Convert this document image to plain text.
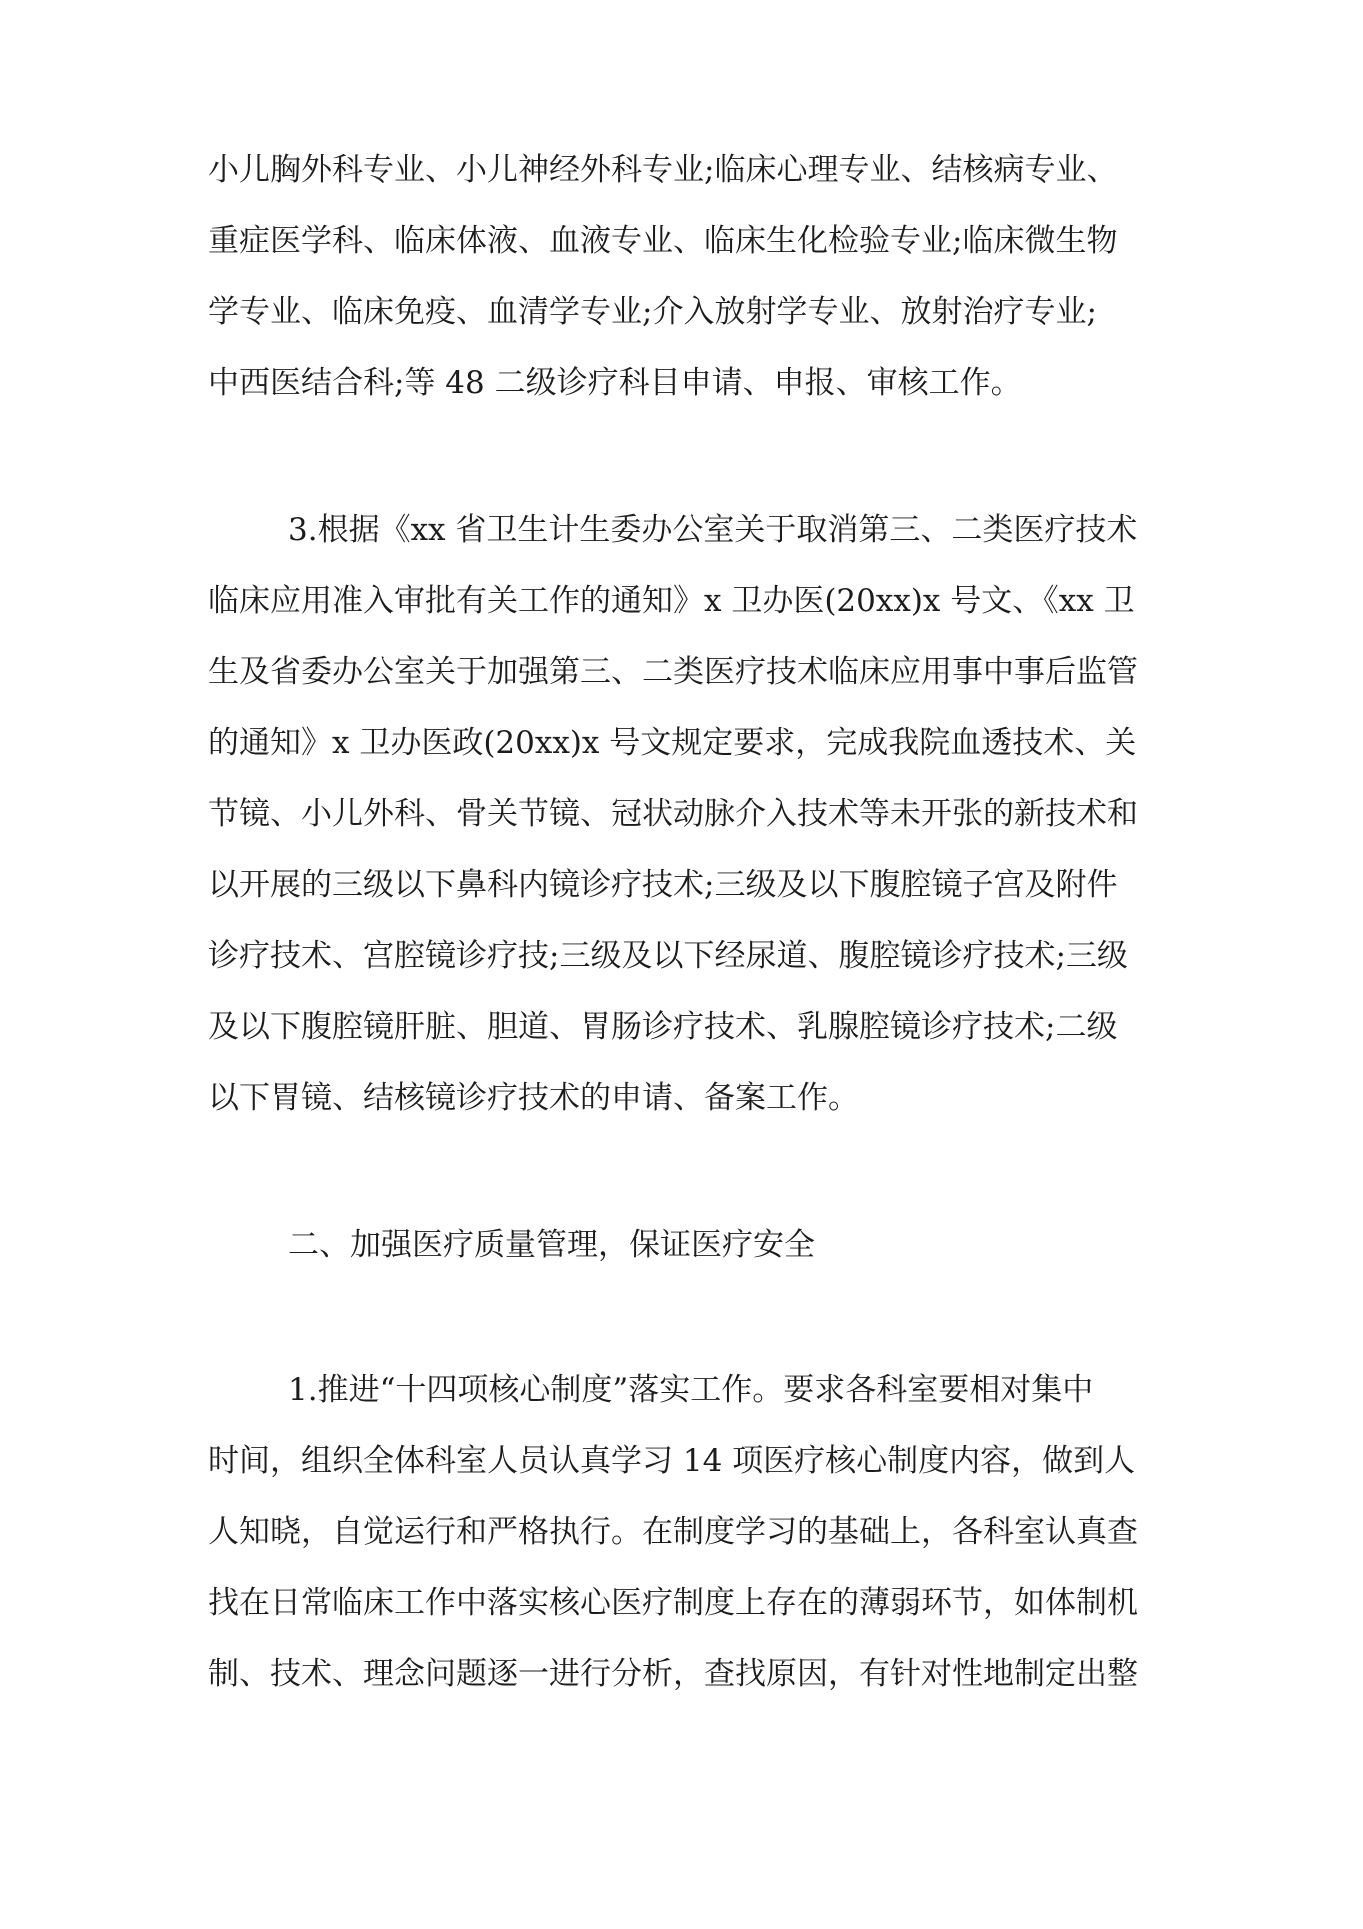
小儿胸外科专业、小儿神经外科专业;临床心理专业、结核病专业、

重症医学科、临床体液、血液专业、临床生化检验专业;临床微生物

学专业、临床免疫、血清学专业;介入放射学专业、放射治疗专业;

中西医结合科;等 48 二级诊疗科目申请、申报、审核工作。

3.根据《xx 省卫生计生委办公室关于取消第三、二类医疗技术

临床应用准入审批有关工作的通知》x 卫办医(20xx)x 号文、《xx 卫

生及省委办公室关于加强第三、二类医疗技术临床应用事中事后监管

的通知》x 卫办医政(20xx)x 号文规定要求，完成我院血透技术、关

节镜、小儿外科、骨关节镜、冠状动脉介入技术等未开张的新技术和

以开展的三级以下鼻科内镜诊疗技术;三级及以下腹腔镜子宫及附件

诊疗技术、宫腔镜诊疗技;三级及以下经尿道、腹腔镜诊疗技术;三级

及以下腹腔镜肝脏、胆道、胃肠诊疗技术、乳腺腔镜诊疗技术;二级

以下胃镜、结核镜诊疗技术的申请、备案工作。

二、加强医疗质量管理，保证医疗安全

1.推进“十四项核心制度”落实工作。要求各科室要相对集中

时间，组织全体科室人员认真学习 14 项医疗核心制度内容，做到人

人知晓，自觉运行和严格执行。在制度学习的基础上，各科室认真查

找在日常临床工作中落实核心医疗制度上存在的薄弱环节，如体制机

制、技术、理念问题逐一进行分析，查找原因，有针对性地制定出整
